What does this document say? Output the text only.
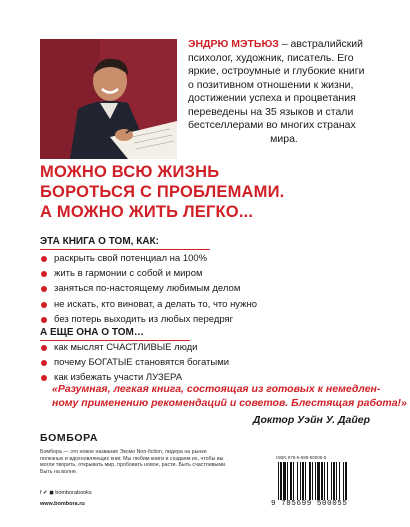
ЭНДРЮ МЭТЬЮЗ – австралийский
психолог, художник, писатель. Его
яркие, остроумные и глубокие книги
о позитивном отношении к жизни,
достижении успеха и процветания
переведены на 35 языков и стали
бестселлерами во многих странах
мира.
МОЖНО ВСЮ ЖИЗНЬ
БОРОТЬСЯ С ПРОБЛЕМАМИ.
А МОЖНО ЖИТЬ ЛЕГКО...
ЭТА КНИГА О ТОМ, КАК:
раскрыть свой потенциал на 100%
жить в гармонии с собой и миром
заняться по-настоящему любимым делом
не искать, кто виноват, а делать то, что нужно
без потерь выходить из любых передряг
А ЕЩЕ ОНА О ТОМ…
как мыслят СЧАСТЛИВЫЕ люди
почему БОГАТЫЕ становятся богатыми
как избежать участи ЛУЗЕРА
«Разумная, легкая книга, состоящая из готовых к немедлен-
ному применению рекомендаций и советов. Блестящая работа!»
Доктор Уэйн У. Дайер
БОМБОРА
Бомбора — это новое название Эксмо Non-fiction, лидера на рынке полезных и вдохновляющих книг. Мы любим книги и создаем их, чтобы вы могли творить, открывать мир, пробовать новое, расти. Быть счастливыми. Быть на волне.
f ✔ ◼ bomborabooks
www.bombora.ru
ISBN 978-5-699-50005-5
9 785699 500055
